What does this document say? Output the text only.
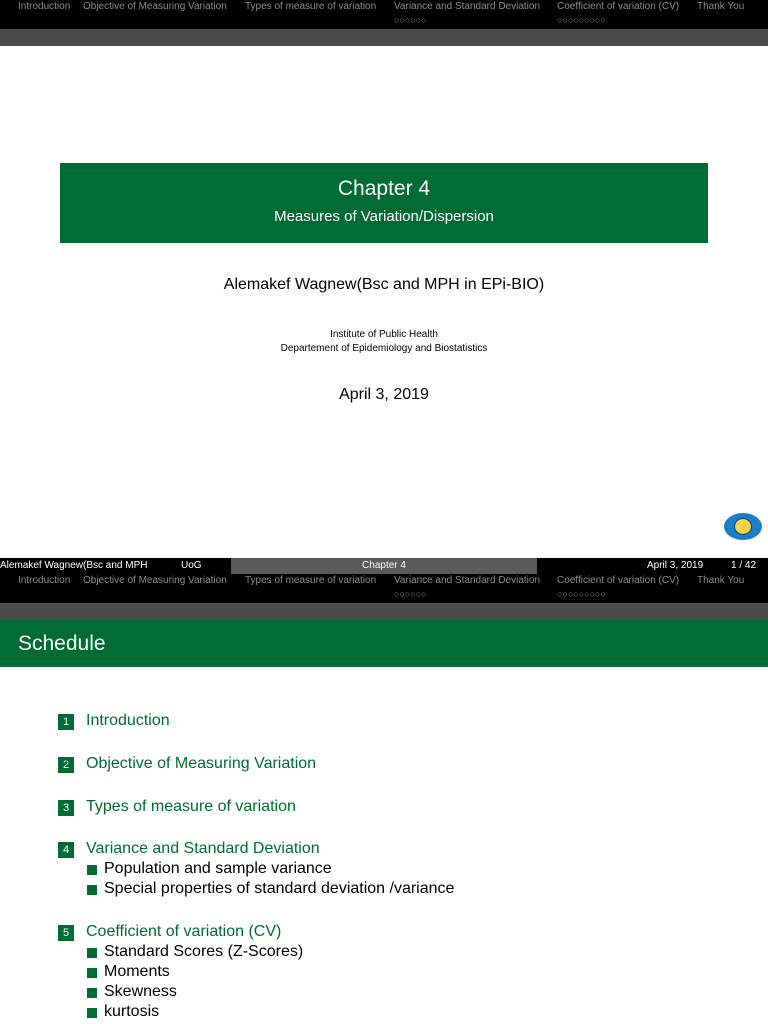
Introduction Objective of Measuring Variation Types of measure of variation Variance and Standard Deviation
○○○○○○
Coefficient of variation (CV)
○○○○○○○○○
Thank You
Chapter 4
Measures of Variation/Dispersion
Alemakef Wagnew(Bsc and MPH in EPi-BIO)
Institute of Public Health
Departement of Epidemiology and Biostatistics
April 3, 2019
Alemakef Wagnew(Bsc and MPH	UoG	Chapter 4	April 3, 2019	1 / 42
Introduction Objective of Measuring Variation Types of measure of variation Variance and Standard Deviation
○○○○○○
Coefficient of variation (CV)
○○○○○○○○○
Thank You
Schedule
1	Introduction
2	Objective of Measuring Variation
3	Types of measure of variation
4	Variance and Standard Deviation
Population and sample variance
Special properties of standard deviation /variance
5	Coefficient of variation (CV)
Standard Scores (Z-Scores)
Moments
Skewness
kurtosis
